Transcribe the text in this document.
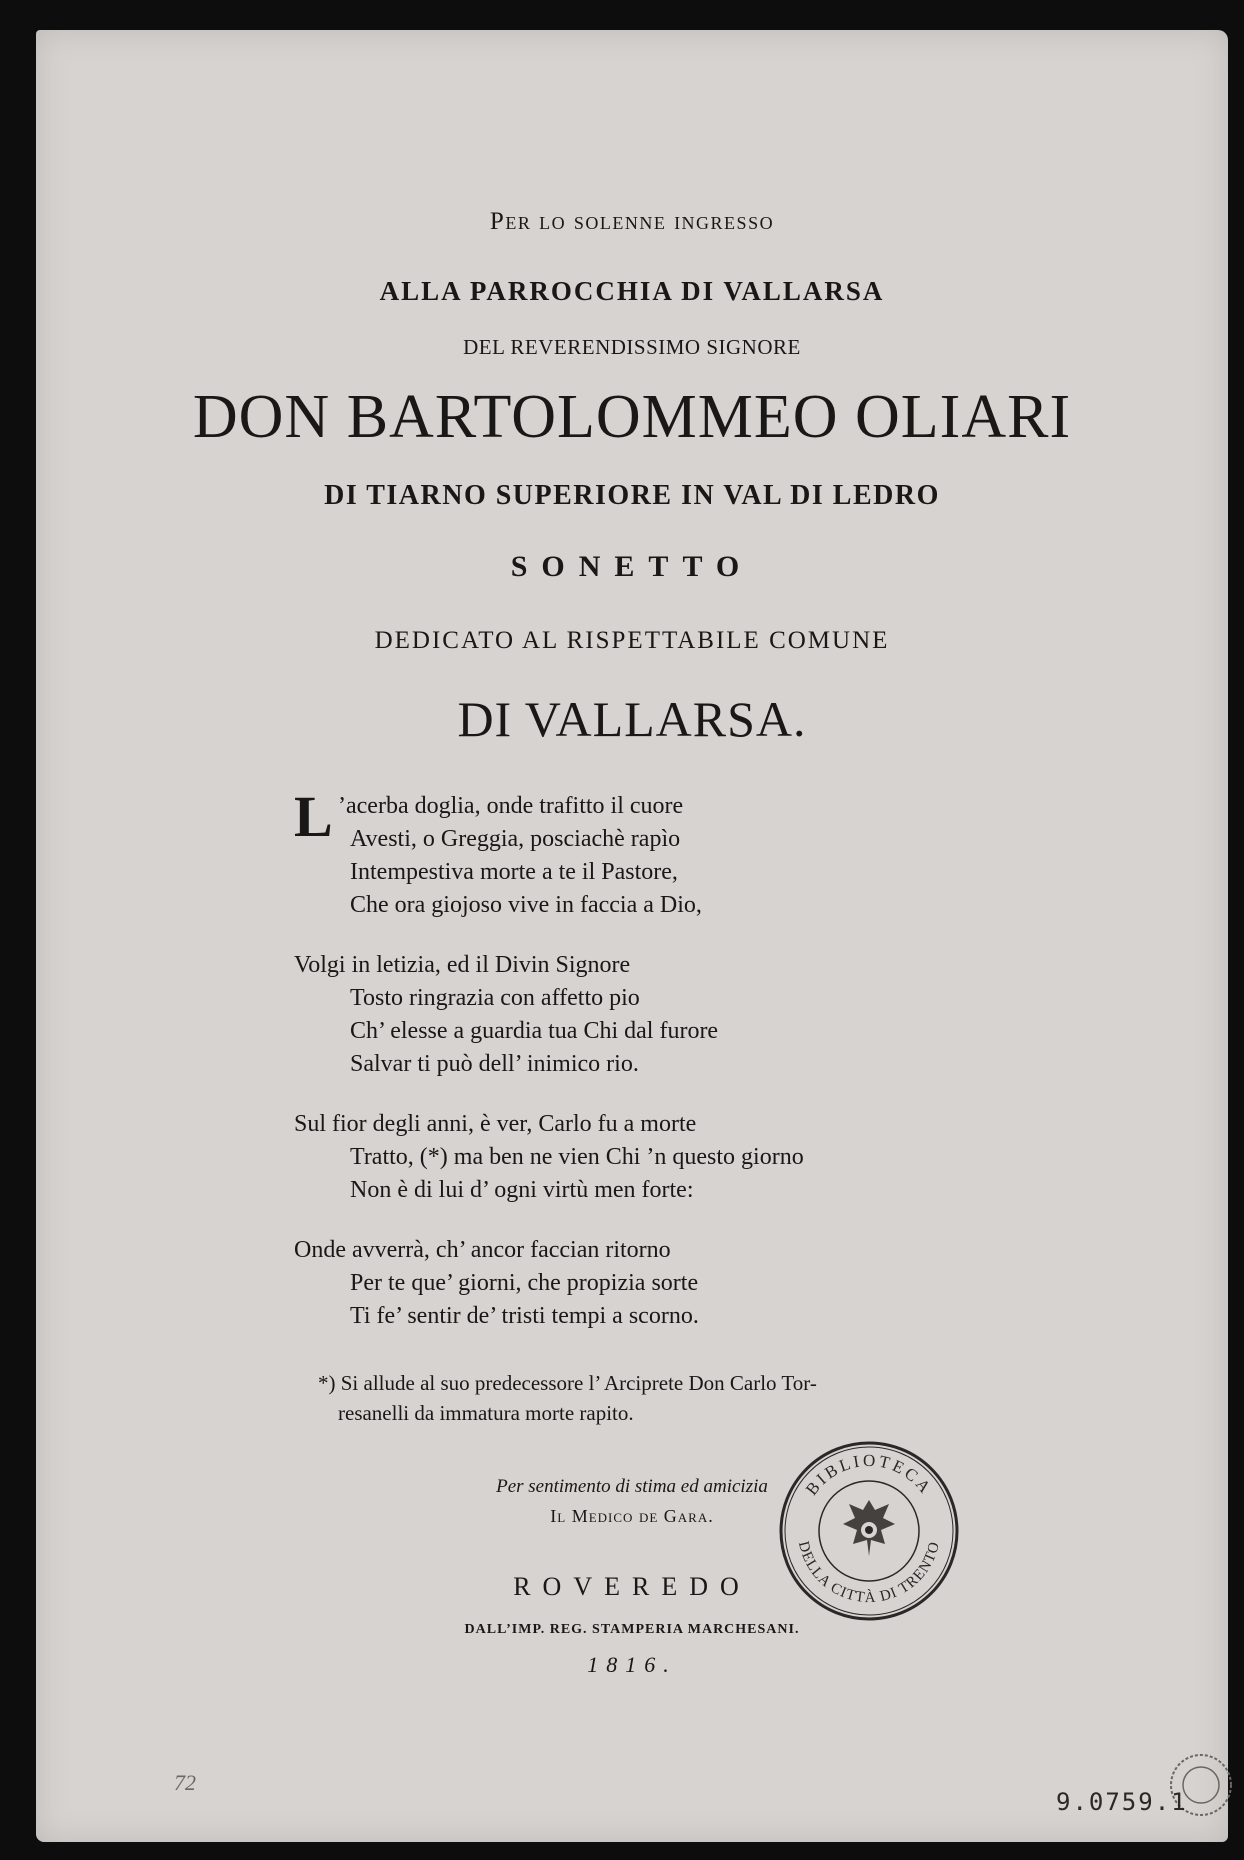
Per lo solenne ingresso
ALLA PARROCCHIA DI VALLARSA
DEL REVERENDISSIMO SIGNORE
DON BARTOLOMMEO OLIARI
DI TIARNO SUPERIORE IN VAL DI LEDRO
SONETTO
DEDICATO AL RISPETTABILE COMUNE
DI VALLARSA.
L ’acerba doglia, onde trafitto il cuore
Avesti, o Greggia, posciachè rapìo
Intempestiva morte a te il Pastore,
Che ora giojoso vive in faccia a Dio,
Volgi in letizia, ed il Divin Signore
Tosto ringrazia con affetto pio
Ch’ elesse a guardia tua Chi dal furore
Salvar ti può dell’ inimico rio.
Sul fior degli anni, è ver, Carlo fu a morte
Tratto, (*) ma ben ne vien Chi ’n questo giorno
Non è di lui d’ ogni virtù men forte:
Onde avverrà, ch’ ancor faccian ritorno
Per te que’ giorni, che propizia sorte
Ti fe’ sentir de’ tristi tempi a scorno.
*) Si allude al suo predecessore l’ Arciprete Don Carlo Tor-
resanelli da immatura morte rapito.
Per sentimento di stima ed amicizia
Il Medico de Gara.
ROVEREDO
DALL’IMP. REG. STAMPERIA MARCHESANI.
1816.
BIBLIOTECA
DELLA CITTÀ DI TRENTO
72
9.0759.1
